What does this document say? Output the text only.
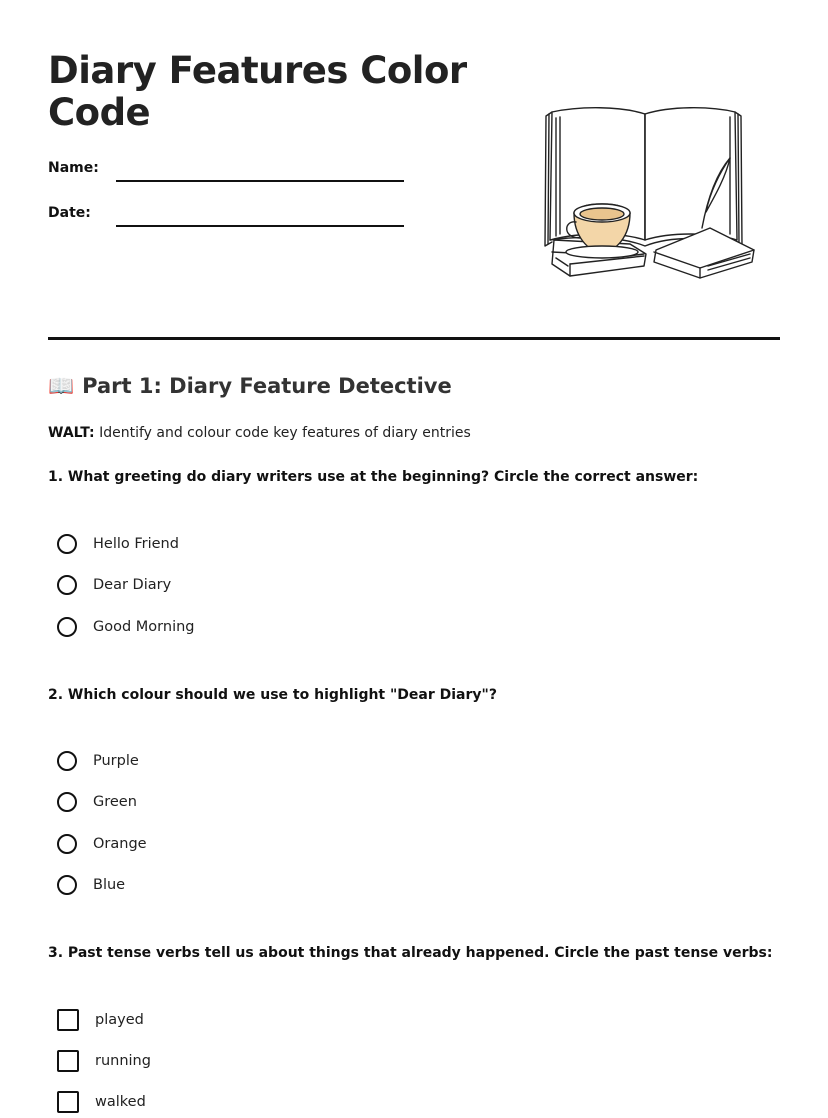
Diary Features Color Code
Name:
Date:
📖 Part 1: Diary Feature Detective
WALT: Identify and colour code key features of diary entries

1. What greeting do diary writers use at the beginning? Circle the correct answer:

Hello Friend
Dear Diary
Good Morning

2. Which colour should we use to highlight "Dear Diary"?

Purple
Green
Orange
Blue

3. Past tense verbs tell us about things that already happened. Circle the past tense verbs:

played
running
walked
